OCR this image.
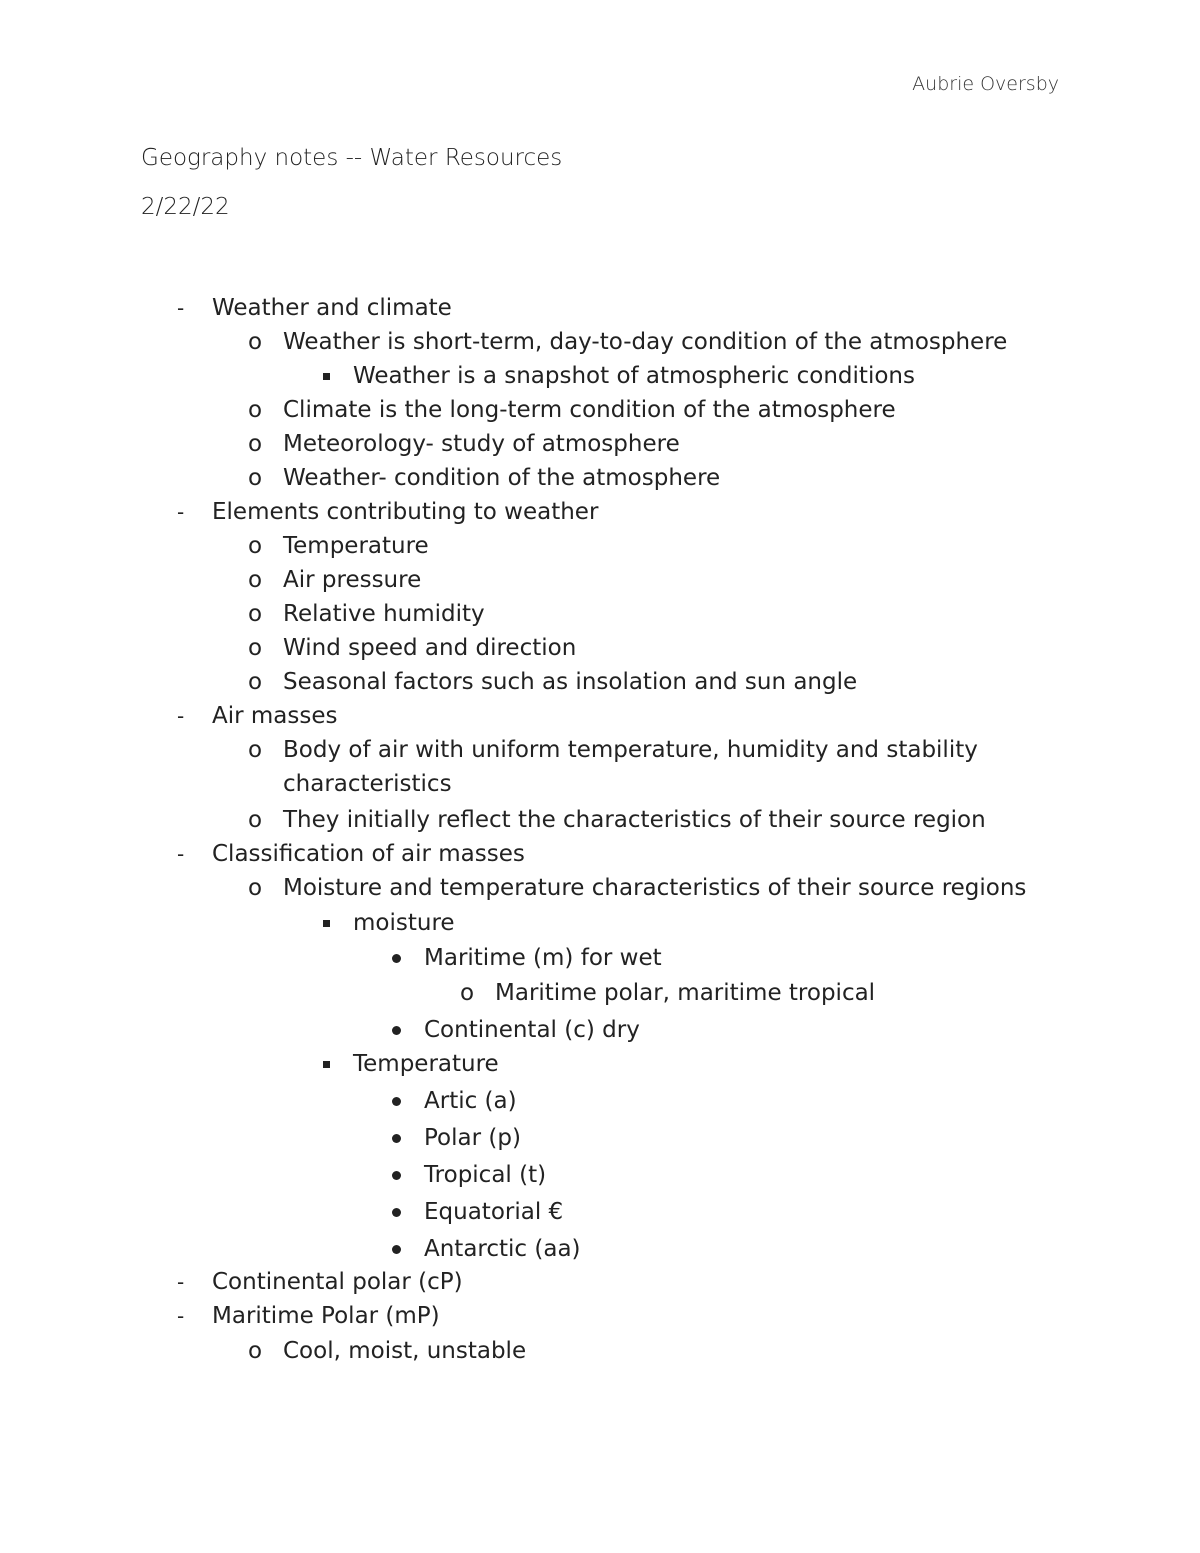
Aubrie Oversby
Geography notes -- Water Resources
2/22/22
- Weather and climate
o Weather is short-term, day-to-day condition of the atmosphere
Weather is a snapshot of atmospheric conditions
o Climate is the long-term condition of the atmosphere
o Meteorology- study of atmosphere
o Weather- condition of the atmosphere
- Elements contributing to weather
o Temperature
o Air pressure
o Relative humidity
o Wind speed and direction
o Seasonal factors such as insolation and sun angle
- Air masses
o Body of air with uniform temperature, humidity and stability
characteristics
o They initially reflect the characteristics of their source region
- Classification of air masses
o Moisture and temperature characteristics of their source regions
moisture
Maritime (m) for wet
o Maritime polar, maritime tropical
Continental (c) dry
Temperature
Artic (a)
Polar (p)
Tropical (t)
Equatorial €
Antarctic (aa)
- Continental polar (cP)
- Maritime Polar (mP)
o Cool, moist, unstable
